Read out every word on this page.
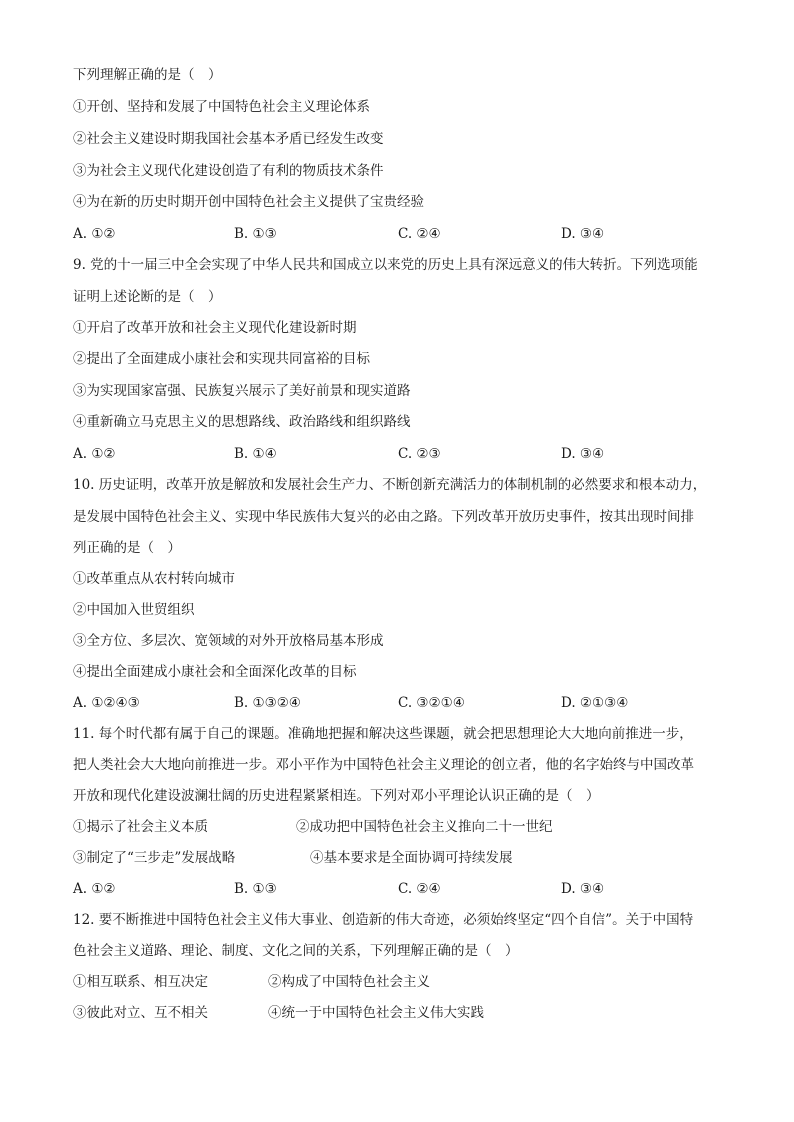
下列理解正确的是（　）
①开创、坚持和发展了中国特色社会主义理论体系
②社会主义建设时期我国社会基本矛盾已经发生改变
③为社会主义现代化建设创造了有利的物质技术条件
④为在新的历史时期开创中国特色社会主义提供了宝贵经验
A. ①②	B. ①③	C. ②④	D. ③④
9. 党的十一届三中全会实现了中华人民共和国成立以来党的历史上具有深远意义的伟大转折。下列选项能
证明上述论断的是（　）
①开启了改革开放和社会主义现代化建设新时期
②提出了全面建成小康社会和实现共同富裕的目标
③为实现国家富强、民族复兴展示了美好前景和现实道路
④重新确立马克思主义的思想路线、政治路线和组织路线
A. ①②	B. ①④	C. ②③	D. ③④
10. 历史证明，改革开放是解放和发展社会生产力、不断创新充满活力的体制机制的必然要求和根本动力，
是发展中国特色社会主义、实现中华民族伟大复兴的必由之路。下列改革开放历史事件，按其出现时间排
列正确的是（　）
①改革重点从农村转向城市
②中国加入世贸组织
③全方位、多层次、宽领域的对外开放格局基本形成
④提出全面建成小康社会和全面深化改革的目标
A. ①②④③	B. ①③②④	C. ③②①④	D. ②①③④
11. 每个时代都有属于自己的课题。准确地把握和解决这些课题，就会把思想理论大大地向前推进一步，
把人类社会大大地向前推进一步。邓小平作为中国特色社会主义理论的创立者，他的名字始终与中国改革
开放和现代化建设波澜壮阔的历史进程紧紧相连。下列对邓小平理论认识正确的是（　）
①揭示了社会主义本质	②成功把中国特色社会主义推向二十一世纪
③制定了“三步走”发展战略	④基本要求是全面协调可持续发展
A. ①②	B. ①③	C. ②④	D. ③④
12. 要不断推进中国特色社会主义伟大事业、创造新的伟大奇迹，必须始终坚定“四个自信”。关于中国特
色社会主义道路、理论、制度、文化之间的关系，下列理解正确的是（　）
①相互联系、相互决定	②构成了中国特色社会主义
③彼此对立、互不相关	④统一于中国特色社会主义伟大实践
